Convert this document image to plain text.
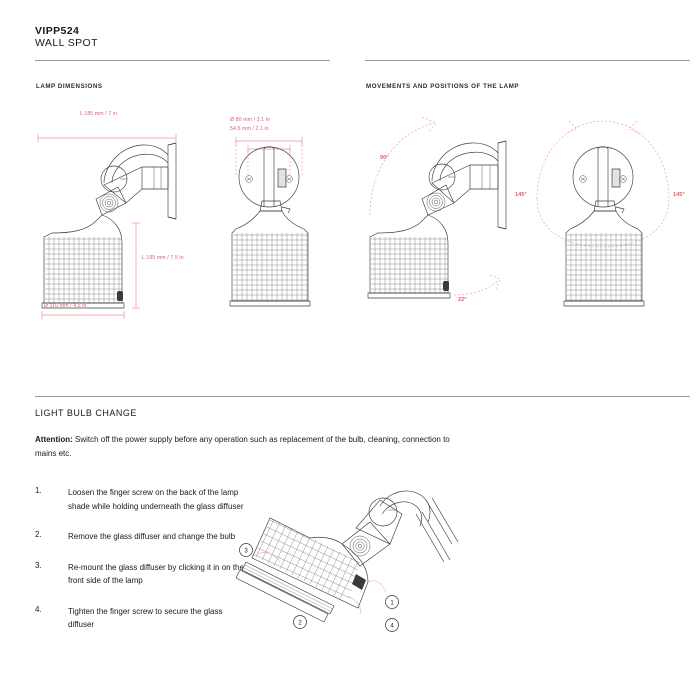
VIPP524
WALL SPOT
LAMP DIMENSIONS	MOVEMENTS AND POSITIONS OF THE LAMP
L 185 mm / 7 in
L 195 mm / 7.5 in
Ø 110 mm / 4.5 in
Ø 80 mm / 3.1 in
54.5 mm / 2.1 in
90°
22°
145°	145°
LIGHT BULB CHANGE
Attention: Switch off the power supply before any operation such as replacement of the bulb, cleaning, connection to mains etc.
1.	Loosen the finger screw on the back of the lamp shade while holding underneath the glass diffuser
2.	Remove the glass diffuser and change the bulb
3.	Re-mount the glass diffuser by clicking it in on the front side of the lamp
4.	Tighten the finger screw to secure the glass diffuser
3
2
1
4
